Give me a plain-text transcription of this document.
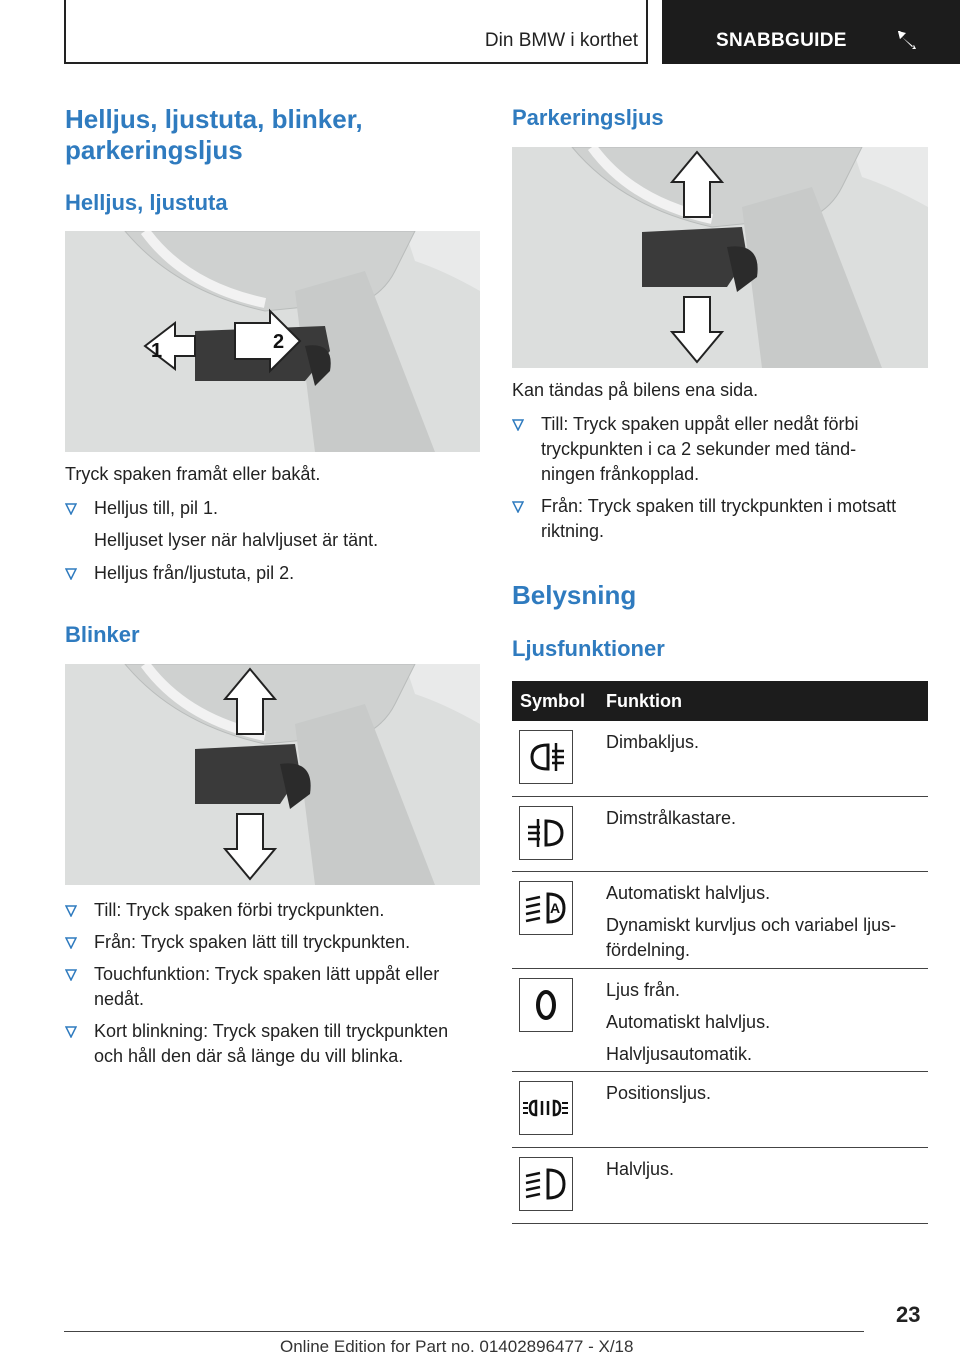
Din BMW i korthet	SNABBGUIDE
Helljus, ljustuta, blinker,
parkeringsljus
Helljus, ljustuta
1	2
Tryck spaken framåt eller bakåt.
Helljus till, pil 1.
Helljuset lyser när halvljuset är tänt.
Helljus från/ljustuta, pil 2.
Blinker
Till: Tryck spaken förbi tryckpunkten.
Från: Tryck spaken lätt till tryckpunkten.
Touchfunktion: Tryck spaken lätt uppåt eller
nedåt.
Kort blinkning: Tryck spaken till tryckpunkten
och håll den där så länge du vill blinka.
Parkeringsljus
Kan tändas på bilens ena sida.
Till: Tryck spaken uppåt eller nedåt förbi
tryckpunkten i ca 2 sekunder med tänd-
ningen frånkopplad.
Från: Tryck spaken till tryckpunkten i motsatt
riktning.
Belysning
Ljusfunktioner
Symbol Funktion
Dimbakljus.
Dimstrålkastare.
A
Automatiskt halvljus.
Dynamiskt kurvljus och variabel ljus-
fördelning.
Ljus från.
Automatiskt halvljus.
Halvljusautomatik.
Positionsljus.
Halvljus.
23
Online Edition for Part no. 01402896477 - X/18
